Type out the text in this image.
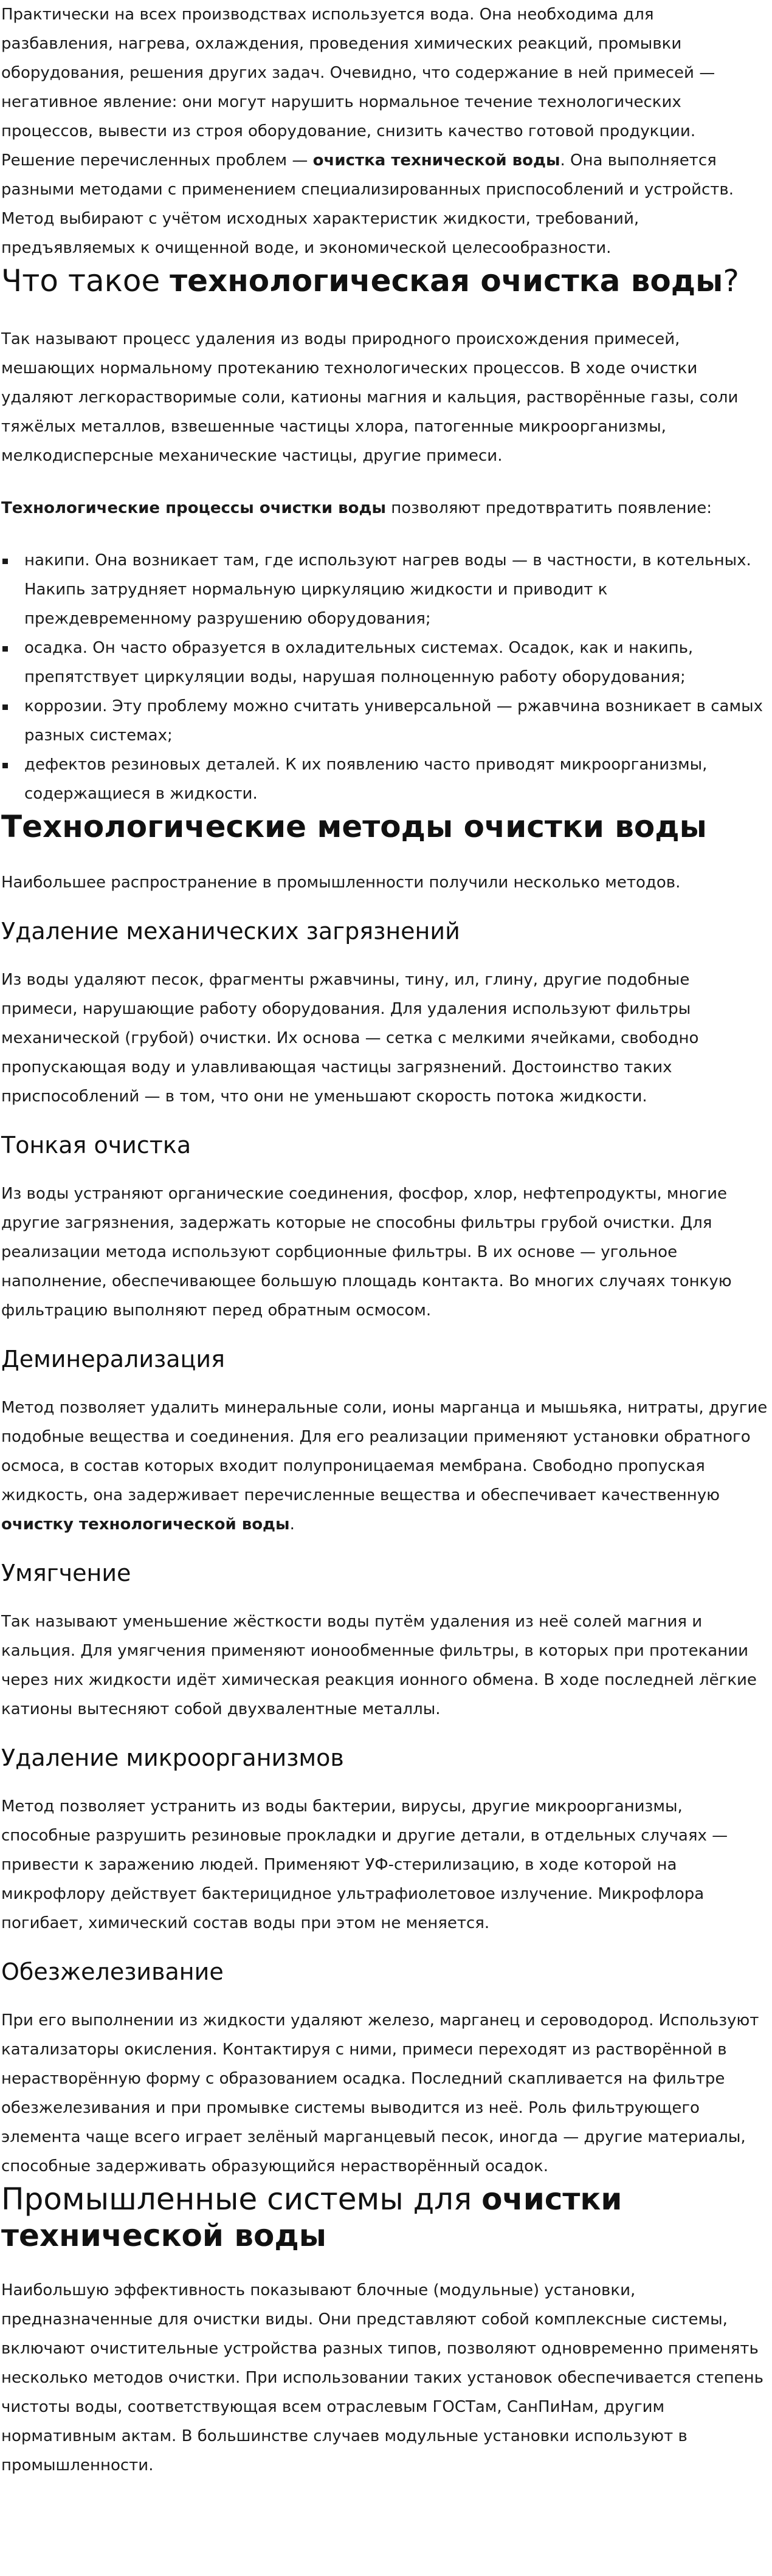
Практически на всех производствах используется вода. Она необходима для разбавления, нагрева, охлаждения, проведения химических реакций, промывки оборудования, решения других задач. Очевидно, что содержание в ней примесей — негативное явление: они могут нарушить нормальное течение технологических процессов, вывести из строя оборудование, снизить качество готовой продукции. Решение перечисленных проблем — очистка технической воды. Она выполняется разными методами с применением специализированных приспособлений и устройств. Метод выбирают с учётом исходных характеристик жидкости, требований, предъявляемых к очищенной воде, и экономической целесообразности.

Что такое технологическая очистка воды?

Так называют процесс удаления из воды природного происхождения примесей, мешающих нормальному протеканию технологических процессов. В ходе очистки удаляют легкорастворимые соли, катионы магния и кальция, растворённые газы, соли тяжёлых металлов, взвешенные частицы хлора, патогенные микроорганизмы, мелкодисперсные механические частицы, другие примеси.

Технологические процессы очистки воды позволяют предотвратить появление:

накипи. Она возникает там, где используют нагрев воды — в частности, в котельных. Накипь затрудняет нормальную циркуляцию жидкости и приводит к преждевременному разрушению оборудования;
осадка. Он часто образуется в охладительных системах. Осадок, как и накипь, препятствует циркуляции воды, нарушая полноценную работу оборудования;
коррозии. Эту проблему можно считать универсальной — ржавчина возникает в самых разных системах;
дефектов резиновых деталей. К их появлению часто приводят микроорганизмы, содержащиеся в жидкости.
Технологические методы очистки воды

Наибольшее распространение в промышленности получили несколько методов.

Удаление механических загрязнений

Из воды удаляют песок, фрагменты ржавчины, тину, ил, глину, другие подобные примеси, нарушающие работу оборудования. Для удаления используют фильтры механической (грубой) очистки. Их основа — сетка с мелкими ячейками, свободно пропускающая воду и улавливающая частицы загрязнений. Достоинство таких приспособлений — в том, что они не уменьшают скорость потока жидкости.

Тонкая очистка

Из воды устраняют органические соединения, фосфор, хлор, нефтепродукты, многие другие загрязнения, задержать которые не способны фильтры грубой очистки. Для реализации метода используют сорбционные фильтры. В их основе — угольное наполнение, обеспечивающее большую площадь контакта. Во многих случаях тонкую фильтрацию выполняют перед обратным осмосом.

Деминерализация

Метод позволяет удалить минеральные соли, ионы марганца и мышьяка, нитраты, другие подобные вещества и соединения. Для его реализации применяют установки обратного осмоса, в состав которых входит полупроницаемая мембрана. Свободно пропуская жидкость, она задерживает перечисленные вещества и обеспечивает качественную очистку технологической воды.

Умягчение

Так называют уменьшение жёсткости воды путём удаления из неё солей магния и кальция. Для умягчения применяют ионообменные фильтры, в которых при протекании через них жидкости идёт химическая реакция ионного обмена. В ходе последней лёгкие катионы вытесняют собой двухвалентные металлы.

Удаление микроорганизмов

Метод позволяет устранить из воды бактерии, вирусы, другие микроорганизмы, способные разрушить резиновые прокладки и другие детали, в отдельных случаях — привести к заражению людей. Применяют УФ-стерилизацию, в ходе которой на микрофлору действует бактерицидное ультрафиолетовое излучение. Микрофлора погибает, химический состав воды при этом не меняется.

Обезжелезивание

При его выполнении из жидкости удаляют железо, марганец и сероводород. Используют катализаторы окисления. Контактируя с ними, примеси переходят из растворённой в нерастворённую форму с образованием осадка. Последний скапливается на фильтре обезжелезивания и при промывке системы выводится из неё. Роль фильтрующего элемента чаще всего играет зелёный марганцевый песок, иногда — другие материалы, способные задерживать образующийся нерастворённый осадок.

Промышленные системы для очистки технической воды

Наибольшую эффективность показывают блочные (модульные) установки, предназначенные для очистки виды. Они представляют собой комплексные системы, включают очистительные устройства разных типов, позволяют одновременно применять несколько методов очистки. При использовании таких установок обеспечивается степень чистоты воды, соответствующая всем отраслевым ГОСТам, СанПиНам, другим нормативным актам. В большинстве случаев модульные установки используют в промышленности.
